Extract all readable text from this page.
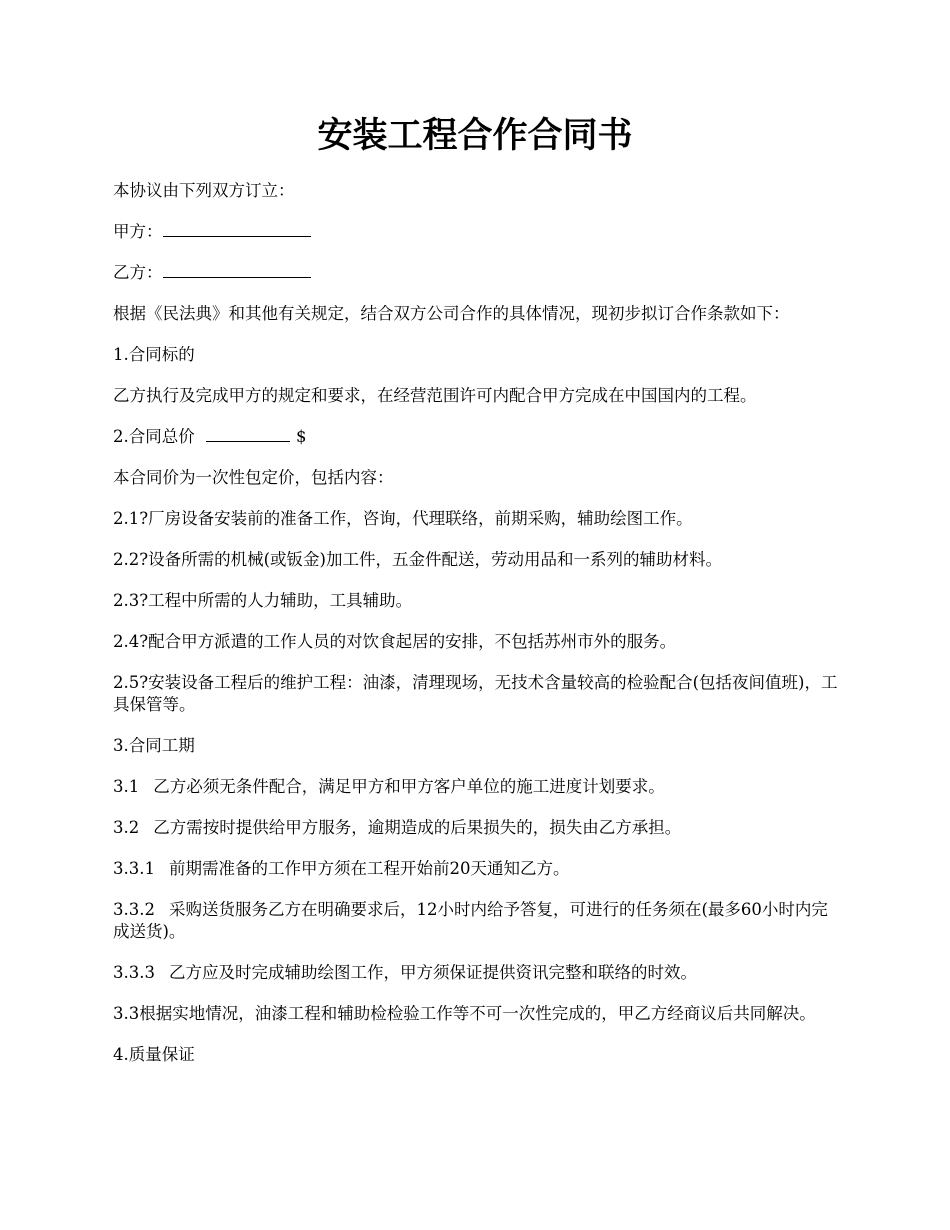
安装工程合作合同书

本协议由下列双方订立：

甲方：

乙方：

根据《民法典》和其他有关规定，结合双方公司合作的具体情况，现初步拟订合作条款如下：

1.合同标的

乙方执行及完成甲方的规定和要求，在经营范围许可内配合甲方完成在中国国内的工程。

2.合同总价	$

本合同价为一次性包定价，包括内容：

2.1?厂房设备安装前的准备工作，咨询，代理联络，前期采购，辅助绘图工作。

2.2?设备所需的机械(或钣金)加工件，五金件配送，劳动用品和一系列的辅助材料。

2.3?工程中所需的人力辅助，工具辅助。

2.4?配合甲方派遣的工作人员的对饮食起居的安排，不包括苏州市外的服务。

2.5?安装设备工程后的维护工程：油漆，清理现场，无技术含量较高的检验配合(包括夜间值班)，工具保管等。

3.合同工期

3.1 乙方必须无条件配合，满足甲方和甲方客户单位的施工进度计划要求。

3.2 乙方需按时提供给甲方服务，逾期造成的后果损失的，损失由乙方承担。

3.3.1 前期需准备的工作甲方须在工程开始前20天通知乙方。

3.3.2 采购送货服务乙方在明确要求后，12小时内给予答复，可进行的任务须在(最多60小时内完成送货)。

3.3.3 乙方应及时完成辅助绘图工作，甲方须保证提供资讯完整和联络的时效。

3.3根据实地情况，油漆工程和辅助检检验工作等不可一次性完成的，甲乙方经商议后共同解决。

4.质量保证
